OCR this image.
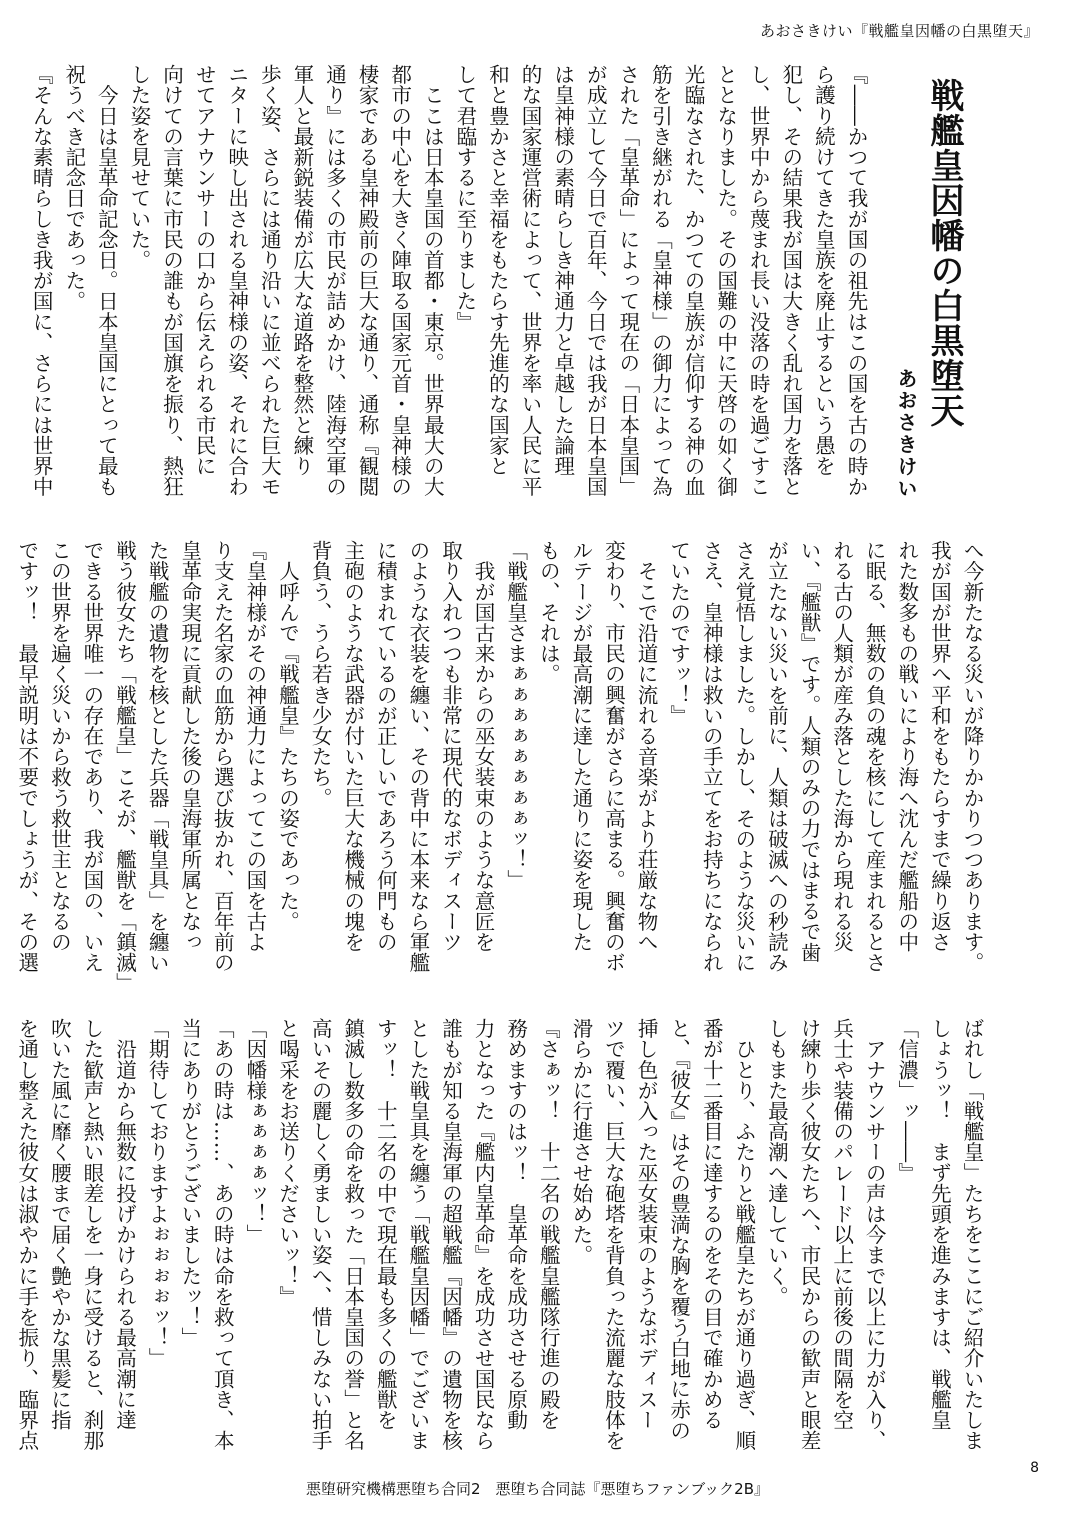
あおさきけい『戦艦皇因幡の白黒堕天』
戦艦皇因幡の白黒堕天
あおさきけい
『――かつて我が国の祖先はこの国を古の時か
ら護り続けてきた皇族を廃止するという愚を
犯し、その結果我が国は大きく乱れ国力を落と
し、世界中から蔑まれ長い没落の時を過ごすこ
ととなりました。その国難の中に天啓の如く御
光臨なされた、かつての皇族が信仰する神の血
筋を引き継がれる「皇神様」の御力によって為
された「皇革命」によって現在の「日本皇国」
が成立して今日で百年、今日では我が日本皇国
は皇神様の素晴らしき神通力と卓越した論理
的な国家運営術によって、世界を率い人民に平
和と豊かさと幸福をもたらす先進的な国家と
して君臨するに至りました』
　ここは日本皇国の首都・東京。世界最大の大
都市の中心を大きく陣取る国家元首・皇神様の
棲家である皇神殿前の巨大な通り、通称『観閲
通り』には多くの市民が詰めかけ、陸海空軍の
軍人と最新鋭装備が広大な道路を整然と練り
歩く姿、さらには通り沿いに並べられた巨大モ
ニターに映し出される皇神様の姿、それに合わ
せてアナウンサーの口から伝えられる市民に
向けての言葉に市民の誰もが国旗を振り、熱狂
した姿を見せていた。
　今日は皇革命記念日。日本皇国にとって最も
祝うべき記念日であった。
『そんな素晴らしき我が国に、さらには世界中
へ今新たなる災いが降りかかりつつあります。
我が国が世界へ平和をもたらすまで繰り返さ
れた数多もの戦いにより海へ沈んだ艦船の中
に眠る、無数の負の魂を核にして産まれるとさ
れる古の人類が産み落とした海から現れる災
い、『艦獣』です。人類のみの力ではまるで歯
が立たない災いを前に、人類は破滅への秒読み
さえ覚悟しました。しかし、そのような災いに
さえ、皇神様は救いの手立てをお持ちになられ
ていたのですッ！』
　そこで沿道に流れる音楽がより荘厳な物へ
変わり、市民の興奮がさらに高まる。興奮のボ
ルテージが最高潮に達した通りに姿を現した
もの、それは。
「戦艦皇さまぁぁぁぁぁぁぁぁッ！」
　我が国古来からの巫女装束のような意匠を
取り入れつつも非常に現代的なボディスーツ
のような衣装を纏い、その背中に本来なら軍艦
に積まれているのが正しいであろう何門もの
主砲のような武器が付いた巨大な機械の塊を
背負う、うら若き少女たち。
　人呼んで『戦艦皇』たちの姿であった。
『皇神様がその神通力によってこの国を古よ
り支えた名家の血筋から選び抜かれ、百年前の
皇革命実現に貢献した後の皇海軍所属となっ
た戦艦の遺物を核とした兵器「戦皇具」を纏い
戦う彼女たち「戦艦皇」こそが、艦獣を「鎮滅」
できる世界唯一の存在であり、我が国の、いえ
この世界を遍く災いから救う救世主となるの
ですッ！　最早説明は不要でしょうが、その選
ばれし「戦艦皇」たちをここにご紹介いたしま
しょうッ！　まず先頭を進みますは、戦艦皇
「信濃」ッ――』
　アナウンサーの声は今まで以上に力が入り、
兵士や装備のパレード以上に前後の間隔を空
け練り歩く彼女たちへ、市民からの歓声と眼差
しもまた最高潮へ達していく。
　ひとり、ふたりと戦艦皇たちが通り過ぎ、順
番が十二番目に達するのをその目で確かめる
と、『彼女』はその豊満な胸を覆う白地に赤の
挿し色が入った巫女装束のようなボディスー
ツで覆い、巨大な砲塔を背負った流麗な肢体を
滑らかに行進させ始めた。
『さぁッ！　十二名の戦艦皇艦隊行進の殿を
務めますのはッ！　皇革命を成功させる原動
力となった『艦内皇革命』を成功させ国民なら
誰もが知る皇海軍の超戦艦『因幡』の遺物を核
とした戦皇具を纏う「戦艦皇因幡」でございま
すッ！　十二名の中で現在最も多くの艦獣を
鎮滅し数多の命を救った「日本皇国の誉」と名
高いその麗しく勇ましい姿へ、惜しみない拍手
と喝采をお送りくださいッ！』
「因幡様ぁぁぁぁッ！」
「あの時は……、あの時は命を救って頂き、本
当にありがとうございましたッ！」
「期待しておりますよぉぉぉぉッ！」
　沿道から無数に投げかけられる最高潮に達
した歓声と熱い眼差しを一身に受けると、刹那
吹いた風に靡く腰まで届く艶やかな黒髪に指
を通し整えた彼女は淑やかに手を振り、臨界点
8
悪堕研究機構悪堕ち合同2　悪堕ち合同誌『悪堕ちファンブック2B』
